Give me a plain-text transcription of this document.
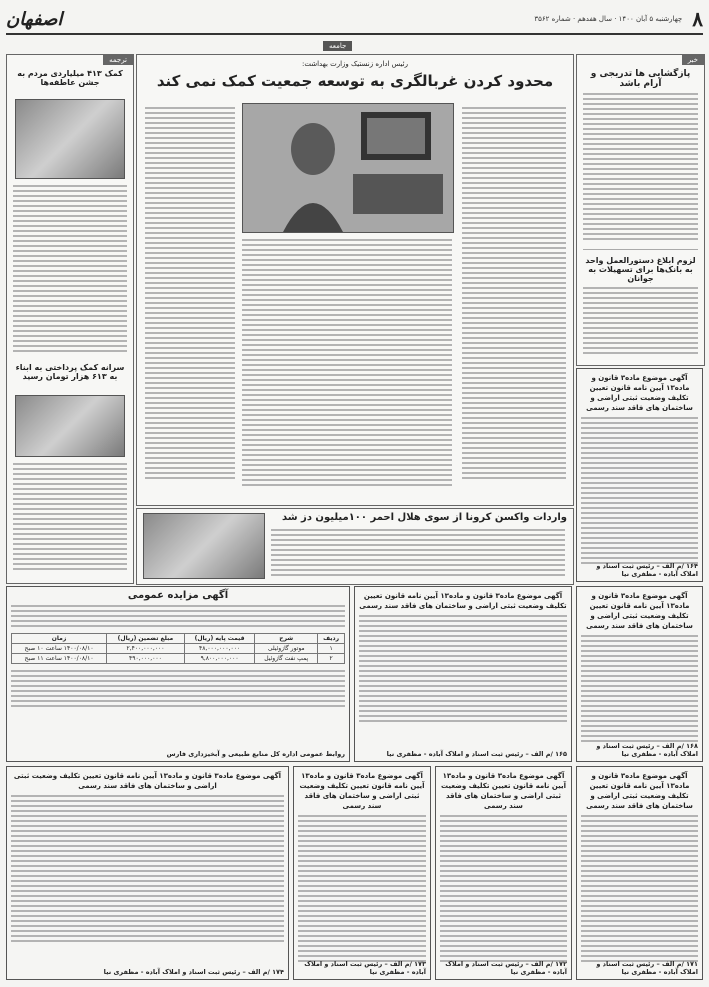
۸
چهارشنبه ۵ آبان ۱۴۰۰ · سال هفدهم · شماره ۳۵۶۲
اصفهان
خبر
پازگشایی ها تدریجی و آرام باشد
لزوم ابلاغ دستورالعمل واحد به بانک‌ها برای تسهیلات به جوانان
جامعه
رئیس اداره زنستیک وزارت بهداشت:
محدود کردن غربالگری به توسعه جمعیت کمک نمی کند
واردات واکسن کرونا از سوی هلال احمر ۱۰۰میلیون دز شد
ترجمه
کمک ۴۱۳ میلیاردی مردم به جشن عاطفه‌ها
سرانه کمک پرداختی به ابناء به ۶۱۳ هزار تومان رسید	آگهی موضوع ماده۳ قانون و ماده۱۳ آیین نامه قانون تعیین تکلیف وضعیت ثبتی اراضی و ساختمان های فاقد سند رسمی
۱۶۴ /م الف – رئیس ثبت اسناد و املاک آباده - مظفری نیا
آگهی موضوع ماده۳ قانون و ماده۱۳ آیین نامه قانون تعیین تکلیف وضعیت ثبتی اراضی و ساختمان های فاقد سند رسمی
۱۶۸ /م الف – رئیس ثبت اسناد و املاک آباده - مظفری نیا
آگهی موضوع ماده۳ قانون و ماده۱۳ آیین نامه قانون تعیین تکلیف وضعیت ثبتی اراضی و ساختمان های فاقد سند رسمی
۱۶۵ /م الف – رئیس ثبت اسناد و املاک آباده - مظفری نیا
آگهی مزایده عمومی
ردیف	شرح	قیمت پایه (ریال)	مبلغ تضمین (ریال)	زمان
۱	موتور گازوئیلی	۴۸,۰۰۰,۰۰۰,۰۰۰	۲,۴۰۰,۰۰۰,۰۰۰	۱۴۰۰/۰۸/۱۰ ساعت ۱۰ صبح
۲	پمپ نفت گازوئیل	۹,۸۰۰,۰۰۰,۰۰۰	۴۹۰,۰۰۰,۰۰۰	۱۴۰۰/۰۸/۱۰ ساعت ۱۱ صبح
روابط عمومی اداره کل منابع طبیعی و آبخیزداری فارس
آگهی موضوع ماده۳ قانون و ماده۱۳ آیین نامه قانون تعیین تکلیف وضعیت ثبتی اراضی و ساختمان های فاقد سند رسمی
۱۷۱ /م الف – رئیس ثبت اسناد و املاک آباده - مظفری نیا
آگهی موضوع ماده۳ قانون و ماده۱۳ آیین نامه قانون تعیین تکلیف وضعیت ثبتی اراضی و ساختمان های فاقد سند رسمی
۱۷۲ /م الف – رئیس ثبت اسناد و املاک آباده - مظفری نیا
آگهی موضوع ماده۳ قانون و ماده۱۳ آیین نامه قانون تعیین تکلیف وضعیت ثبتی اراضی و ساختمان های فاقد سند رسمی
۱۷۳ /م الف – رئیس ثبت اسناد و املاک آباده - مظفری نیا
آگهی موضوع ماده۳ قانون و ماده۱۳ آیین نامه قانون تعیین تکلیف وضعیت ثبتی اراضی و ساختمان های فاقد سند رسمی
۱۷۴ /م الف – رئیس ثبت اسناد و املاک آباده - مظفری نیا
